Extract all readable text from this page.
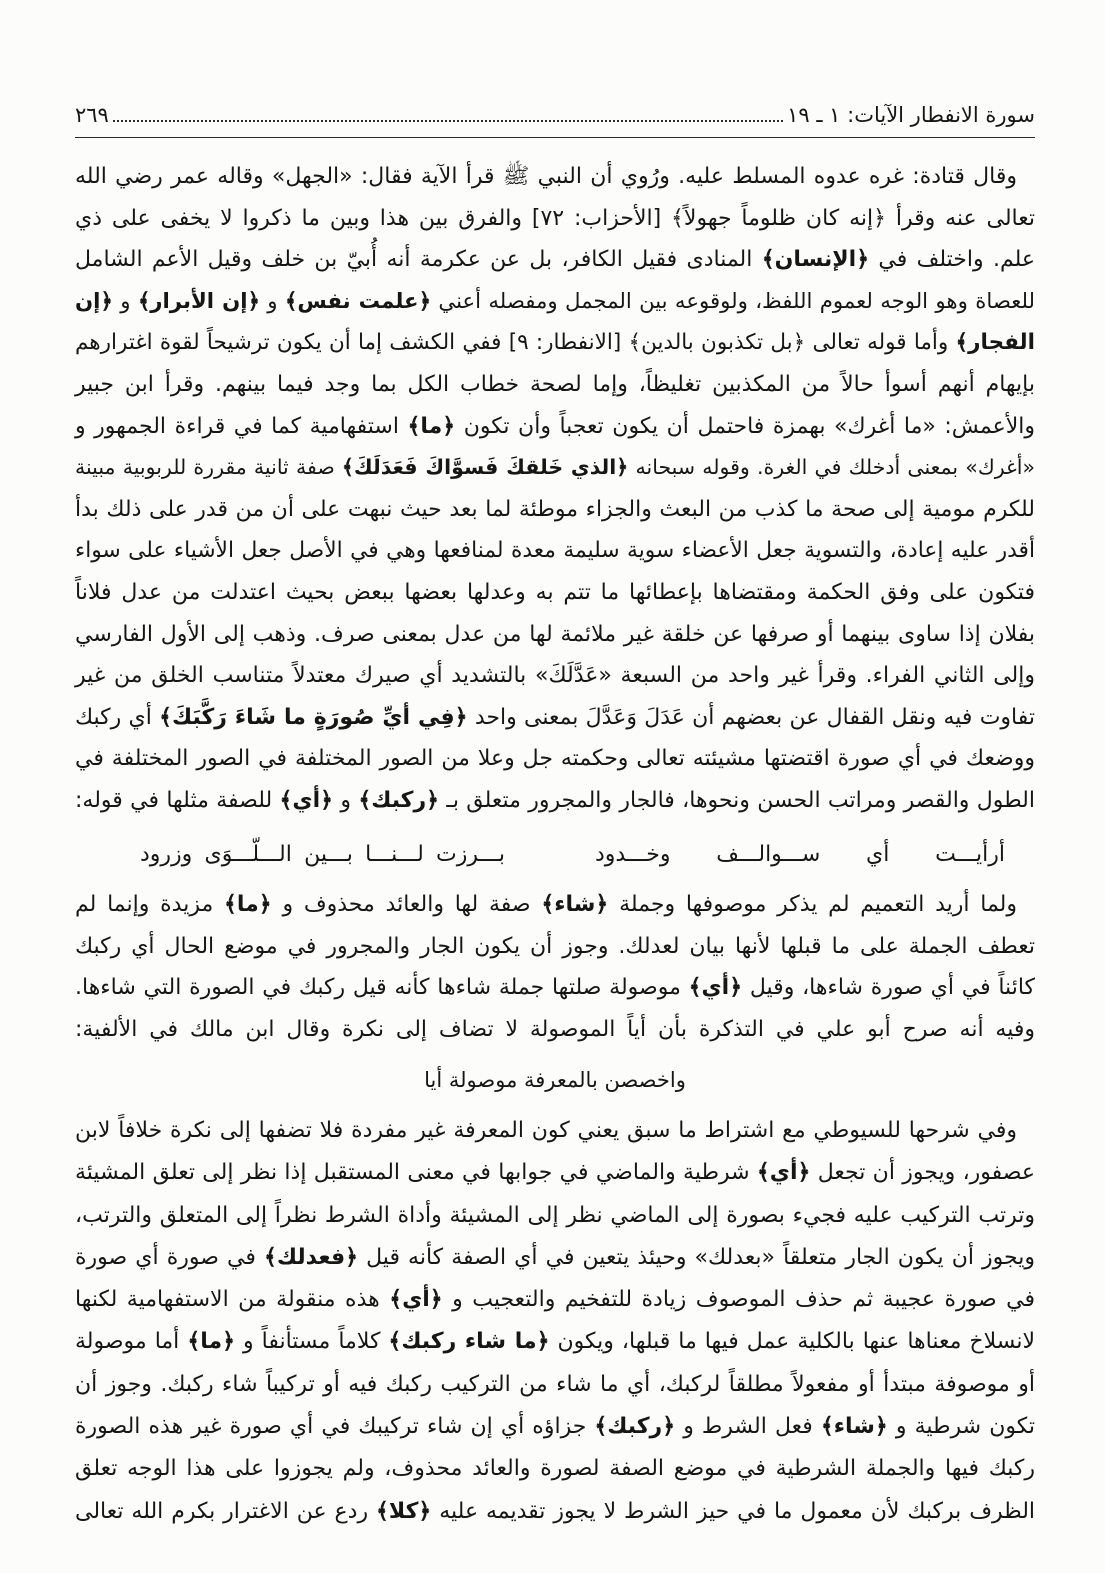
سورة الانفطار الآيات: ١ ـ ١٩
٢٦٩
وقال قتادة: غره عدوه المسلط عليه. ورُوي أن النبي ﷺ قرأ الآية فقال: «الجهل» وقاله عمر رضي الله
تعالى عنه وقرأ ﴿إنه كان ظلوماً جهولاً﴾ [الأحزاب: ٧٢] والفرق بين هذا وبين ما ذكروا لا يخفى على ذي
علم. واختلف في ﴿الإنسان﴾ المنادى فقيل الكافر، بل عن عكرمة أنه أُبيّ بن خلف وقيل الأعم الشامل
للعصاة وهو الوجه لعموم اللفظ، ولوقوعه بين المجمل ومفصله أعني ﴿علمت نفس﴾ و ﴿إن الأبرار﴾ و ﴿إن
الفجار﴾ وأما قوله تعالى ﴿بل تكذبون بالدين﴾ [الانفطار: ٩] ففي الكشف إما أن يكون ترشيحاً لقوة اغترارهم
بإيهام أنهم أسوأ حالاً من المكذبين تغليظاً، وإما لصحة خطاب الكل بما وجد فيما بينهم. وقرأ ابن جبير
والأعمش: «ما أغرك» بهمزة فاحتمل أن يكون تعجباً وأن تكون ﴿ما﴾ استفهامية كما في قراءة الجمهور و
«أغرك» بمعنى أدخلك في الغرة. وقوله سبحانه ﴿الذي خَلقكَ فَسوَّاكَ فَعَدَلَكَ﴾ صفة ثانية مقررة للربوبية مبينة
للكرم مومية إلى صحة ما كذب من البعث والجزاء موطئة لما بعد حيث نبهت على أن من قدر على ذلك بدأ
أقدر عليه إعادة، والتسوية جعل الأعضاء سوية سليمة معدة لمنافعها وهي في الأصل جعل الأشياء على سواء
فتكون على وفق الحكمة ومقتضاها بإعطائها ما تتم به وعدلها بعضها ببعض بحيث اعتدلت من عدل فلاناً
بفلان إذا ساوى بينهما أو صرفها عن خلقة غير ملائمة لها من عدل بمعنى صرف. وذهب إلى الأول الفارسي
وإلى الثاني الفراء. وقرأ غير واحد من السبعة «عَدَّلَكَ» بالتشديد أي صيرك معتدلاً متناسب الخلق من غير
تفاوت فيه ونقل القفال عن بعضهم أن عَدَلَ وَعَدَّلَ بمعنى واحد ﴿فِي أيِّ صُورَةٍ ما شَاءَ رَكَّبَكَ﴾ أي ركبك
ووضعك في أي صورة اقتضتها مشيئته تعالى وحكمته جل وعلا من الصور المختلفة في الصور المختلفة في
الطول والقصر ومراتب الحسن ونحوها، فالجار والمجرور متعلق بـ ﴿ركبك﴾ و ﴿أي﴾ للصفة مثلها في قوله:
أرأيـــت أي ســـوالـــف وخـــدود
بـــرزت لـــنـــا بـــين الـــلّـــوَى وزرود
ولما أريد التعميم لم يذكر موصوفها وجملة ﴿شاء﴾ صفة لها والعائد محذوف و ﴿ما﴾ مزيدة وإنما لم
تعطف الجملة على ما قبلها لأنها بيان لعدلك. وجوز أن يكون الجار والمجرور في موضع الحال أي ركبك
كائناً في أي صورة شاءها، وقيل ﴿أي﴾ موصولة صلتها جملة شاءها كأنه قيل ركبك في الصورة التي شاءها.
وفيه أنه صرح أبو علي في التذكرة بأن أياً الموصولة لا تضاف إلى نكرة وقال ابن مالك في الألفية:
واخصصن بالمعرفة موصولة أيا
وفي شرحها للسيوطي مع اشتراط ما سبق يعني كون المعرفة غير مفردة فلا تضفها إلى نكرة خلافاً لابن
عصفور، ويجوز أن تجعل ﴿أي﴾ شرطية والماضي في جوابها في معنى المستقبل إذا نظر إلى تعلق المشيئة
وترتب التركيب عليه فجيء بصورة إلى الماضي نظر إلى المشيئة وأداة الشرط نظراً إلى المتعلق والترتب،
ويجوز أن يكون الجار متعلقاً «بعدلك» وحيئذ يتعين في أي الصفة كأنه قيل ﴿فعدلك﴾ في صورة أي صورة
في صورة عجيبة ثم حذف الموصوف زيادة للتفخيم والتعجيب و ﴿أي﴾ هذه منقولة من الاستفهامية لكنها
لانسلاخ معناها عنها بالكلية عمل فيها ما قبلها، ويكون ﴿ما شاء ركبك﴾ كلاماً مستأنفاً و ﴿ما﴾ أما موصولة
أو موصوفة مبتدأ أو مفعولاً مطلقاً لركبك، أي ما شاء من التركيب ركبك فيه أو تركيباً شاء ركبك. وجوز أن
تكون شرطية و ﴿شاء﴾ فعل الشرط و ﴿ركبك﴾ جزاؤه أي إن شاء تركيبك في أي صورة غير هذه الصورة
ركبك فيها والجملة الشرطية في موضع الصفة لصورة والعائد محذوف، ولم يجوزوا على هذا الوجه تعلق
الظرف بركبك لأن معمول ما في حيز الشرط لا يجوز تقديمه عليه ﴿كلا﴾ ردع عن الاغترار بكرم الله تعالى
